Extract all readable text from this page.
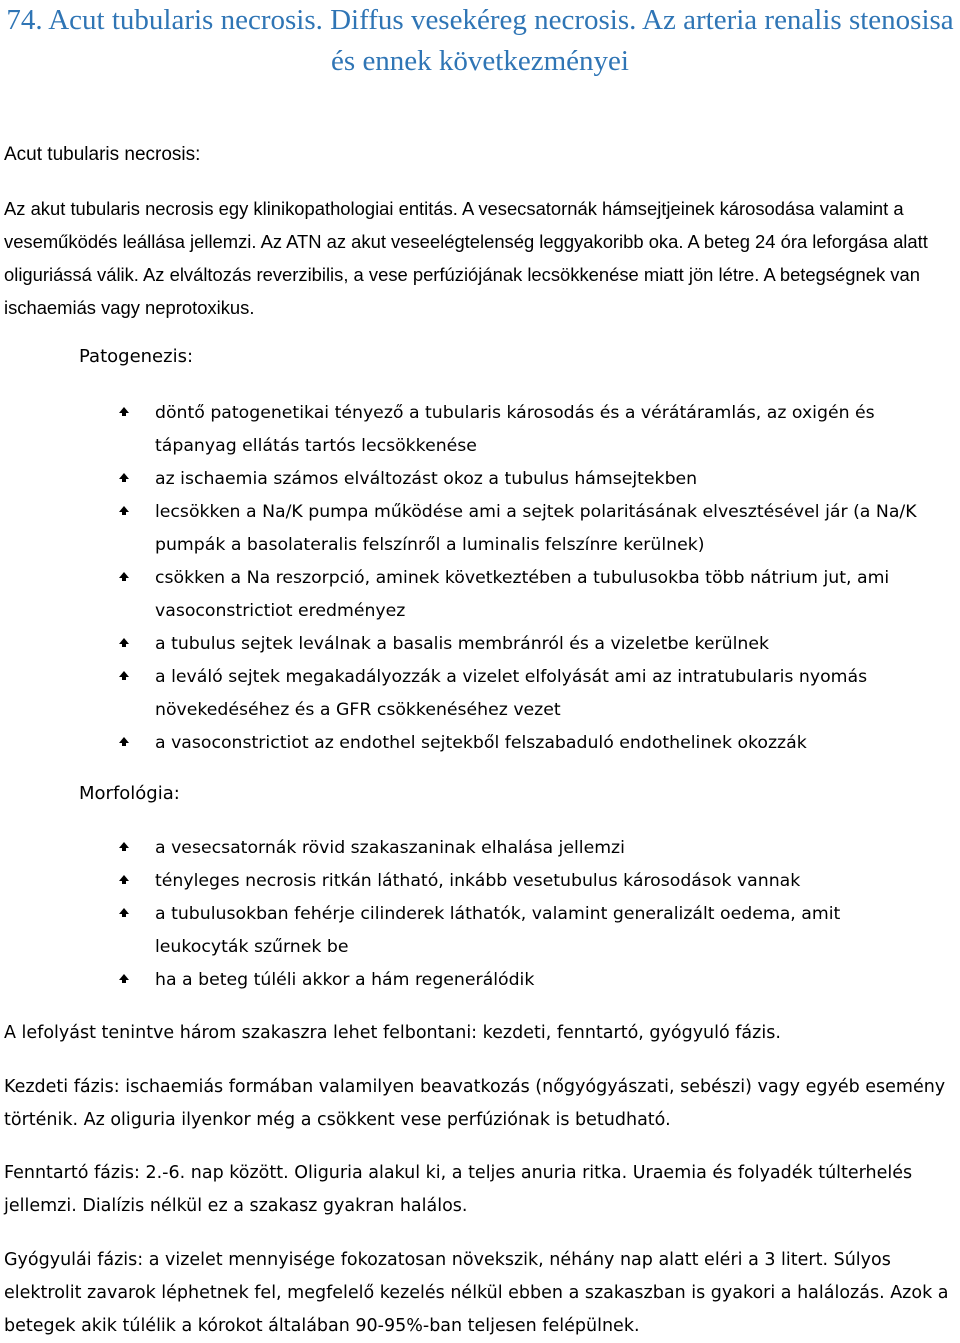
74. Acut tubularis necrosis. Diffus vesekéreg necrosis. Az arteria renalis stenosisa és ennek következményei
Acut tubularis necrosis:

Az akut tubularis necrosis egy klinikopathologiai entitás. A vesecsatornák hámsejtjeinek károsodása valamint a veseműködés leállása jellemzi. Az ATN az akut veseelégtelenség leggyakoribb oka. A beteg 24 óra leforgása alatt oliguriássá válik. Az elváltozás reverzibilis, a vese perfúziójának lecsökkenése miatt jön létre. A betegségnek van ischaemiás vagy neprotoxikus.

Patogenezis:
döntő patogenetikai tényező a tubularis károsodás és a vérátáramlás, az oxigén és tápanyag ellátás tartós lecsökkenése
az ischaemia számos elváltozást okoz a tubulus hámsejtekben
lecsökken a Na/K pumpa működése ami a sejtek polaritásának elvesztésével jár (a Na/K pumpák a basolateralis felszínről a luminalis felszínre kerülnek)
csökken a Na reszorpció, aminek következtében a tubulusokba több nátrium jut, ami vasoconstrictiot eredményez
a tubulus sejtek leválnak a basalis membránról és a vizeletbe kerülnek
a leváló sejtek megakadályozzák a vizelet elfolyását ami az intratubularis nyomás növekedéséhez és a GFR csökkenéséhez vezet
a vasoconstrictiot az endothel sejtekből felszabaduló endothelinek okozzák
Morfológia:
a vesecsatornák rövid szakaszaninak elhalása jellemzi
tényleges necrosis ritkán látható, inkább vesetubulus károsodások vannak
a tubulusokban fehérje cilinderek láthatók, valamint generalizált oedema, amit leukocyták szűrnek be
ha a beteg túléli akkor a hám regenerálódik

A lefolyást tenintve három szakaszra lehet felbontani: kezdeti, fenntartó, gyógyuló fázis.

Kezdeti fázis: ischaemiás formában valamilyen beavatkozás (nőgyógyászati, sebészi) vagy egyéb esemény történik. Az oliguria ilyenkor még a csökkent vese perfúziónak is betudható.

Fenntartó fázis: 2.-6. nap között. Oliguria alakul ki, a teljes anuria ritka. Uraemia és folyadék túlterhelés jellemzi. Dialízis nélkül ez a szakasz gyakran halálos.

Gyógyulái fázis: a vizelet mennyisége fokozatosan növekszik, néhány nap alatt eléri a 3 litert. Súlyos elektrolit zavarok léphetnek fel, megfelelő kezelés nélkül ebben a szakaszban is gyakori a halálozás. Azok a betegek akik túlélik a kórokot általában 90-95%-ban teljesen felépülnek.
